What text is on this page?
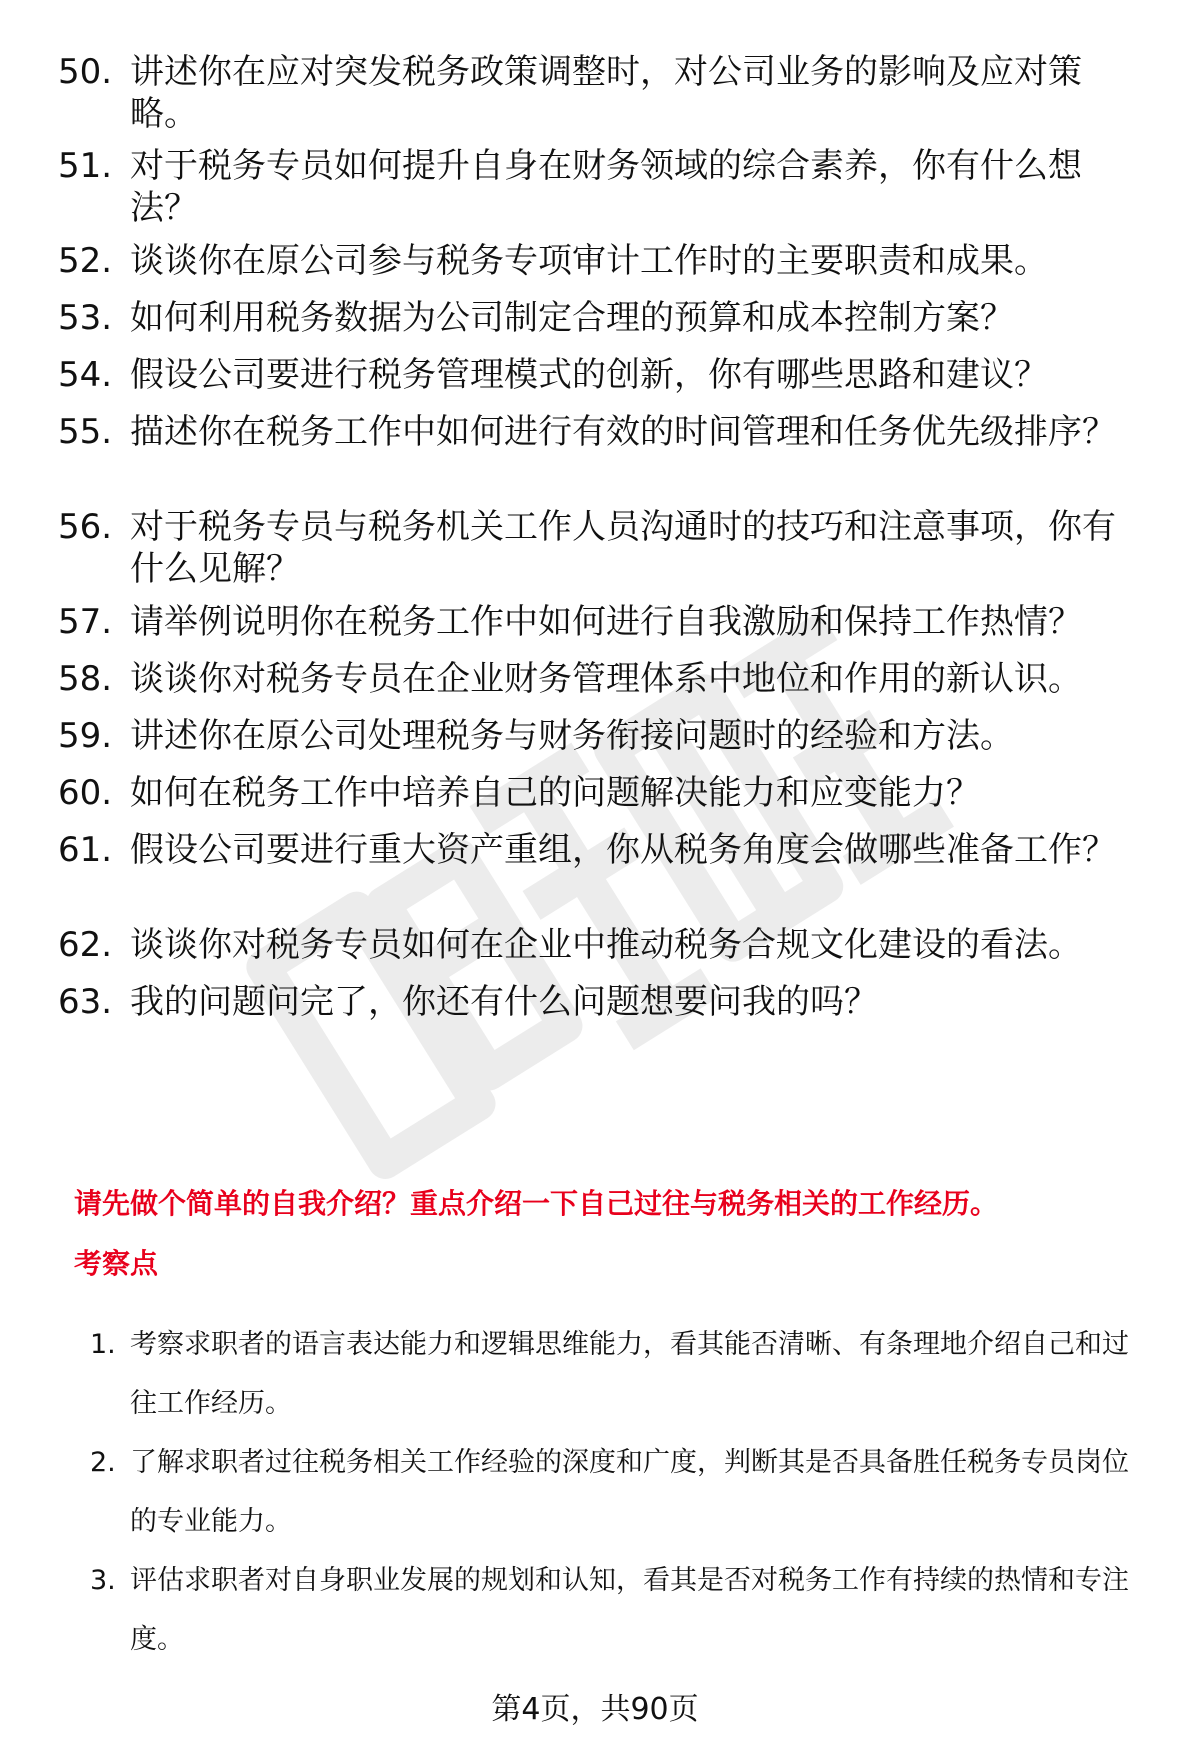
50. 讲述你在应对突发税务政策调整时，对公司业务的影响及应对策略。
51. 对于税务专员如何提升自身在财务领域的综合素养，你有什么想法？
52. 谈谈你在原公司参与税务专项审计工作时的主要职责和成果。
53. 如何利用税务数据为公司制定合理的预算和成本控制方案？
54. 假设公司要进行税务管理模式的创新，你有哪些思路和建议？
55. 描述你在税务工作中如何进行有效的时间管理和任务优先级排序？
56. 对于税务专员与税务机关工作人员沟通时的技巧和注意事项，你有什么见解？
57. 请举例说明你在税务工作中如何进行自我激励和保持工作热情？
58. 谈谈你对税务专员在企业财务管理体系中地位和作用的新认识。
59. 讲述你在原公司处理税务与财务衔接问题时的经验和方法。
60. 如何在税务工作中培养自己的问题解决能力和应变能力？
61. 假设公司要进行重大资产重组，你从税务角度会做哪些准备工作？
62. 谈谈你对税务专员如何在企业中推动税务合规文化建设的看法。
63. 我的问题问完了，你还有什么问题想要问我的吗？
请先做个简单的自我介绍？重点介绍一下自己过往与税务相关的工作经历。
考察点
1. 考察求职者的语言表达能力和逻辑思维能力，看其能否清晰、有条理地介绍自己和过往工作经历。
2. 了解求职者过往税务相关工作经验的深度和广度，判断其是否具备胜任税务专员岗位的专业能力。
3. 评估求职者对自身职业发展的规划和认知，看其是否对税务工作有持续的热情和专注度。
第4页，共90页
